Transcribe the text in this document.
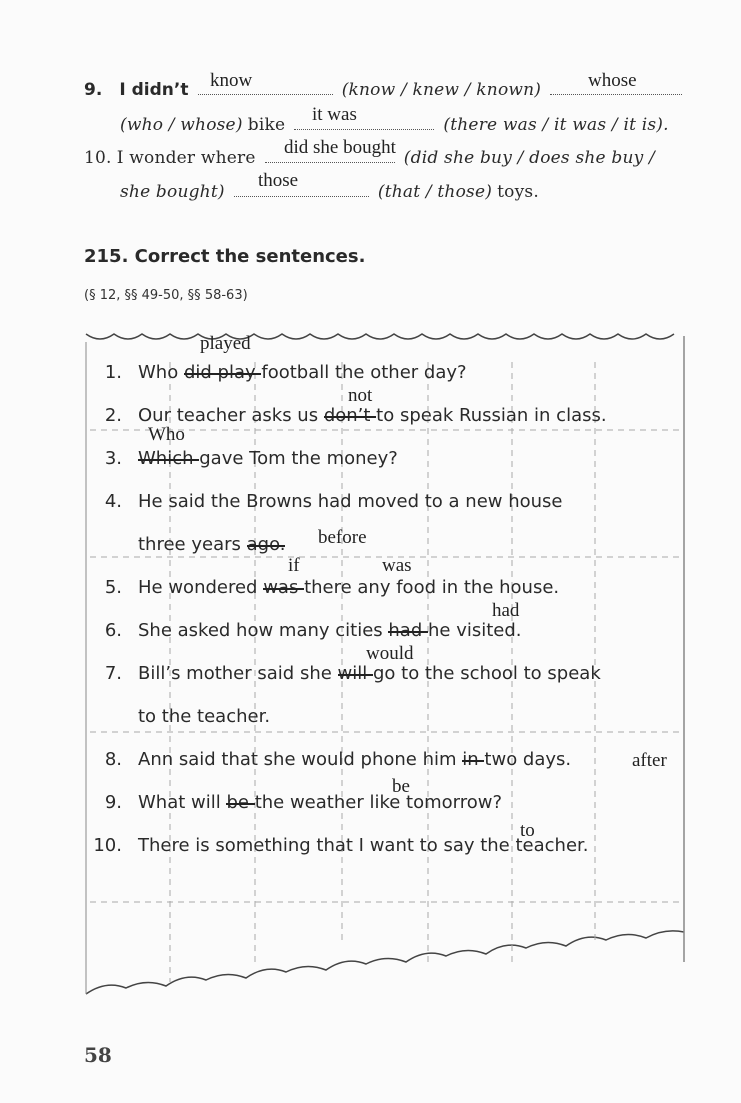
9. I didn’t	(know / knew / known)
know	whose
(who / whose) bike	(there was / it was / it is).
it was
10. I wonder where	(did she buy / does she buy /
did she bought
she bought)	(that / those) toys.
those
215. Correct the sentences.
(§ 12, §§ 49-50, §§ 58-63)
1. Who did play football the other day?
played
2. Our teacher asks us don’t to speak Russian in class.
not
3. Which gave Tom the money?
Who
4. He said the Browns had moved to a new house
three years ago. before
5. He wondered was there any food in the house.
if	was
6. She asked how many cities had he visited.
had
7. Bill’s mother said she will go to the school to speak
would
to the teacher.
8. Ann said that she would phone him in two days.	after
9. What will be the weather like tomorrow?
be
10. There is something that I want to say the teacher.
to
58
